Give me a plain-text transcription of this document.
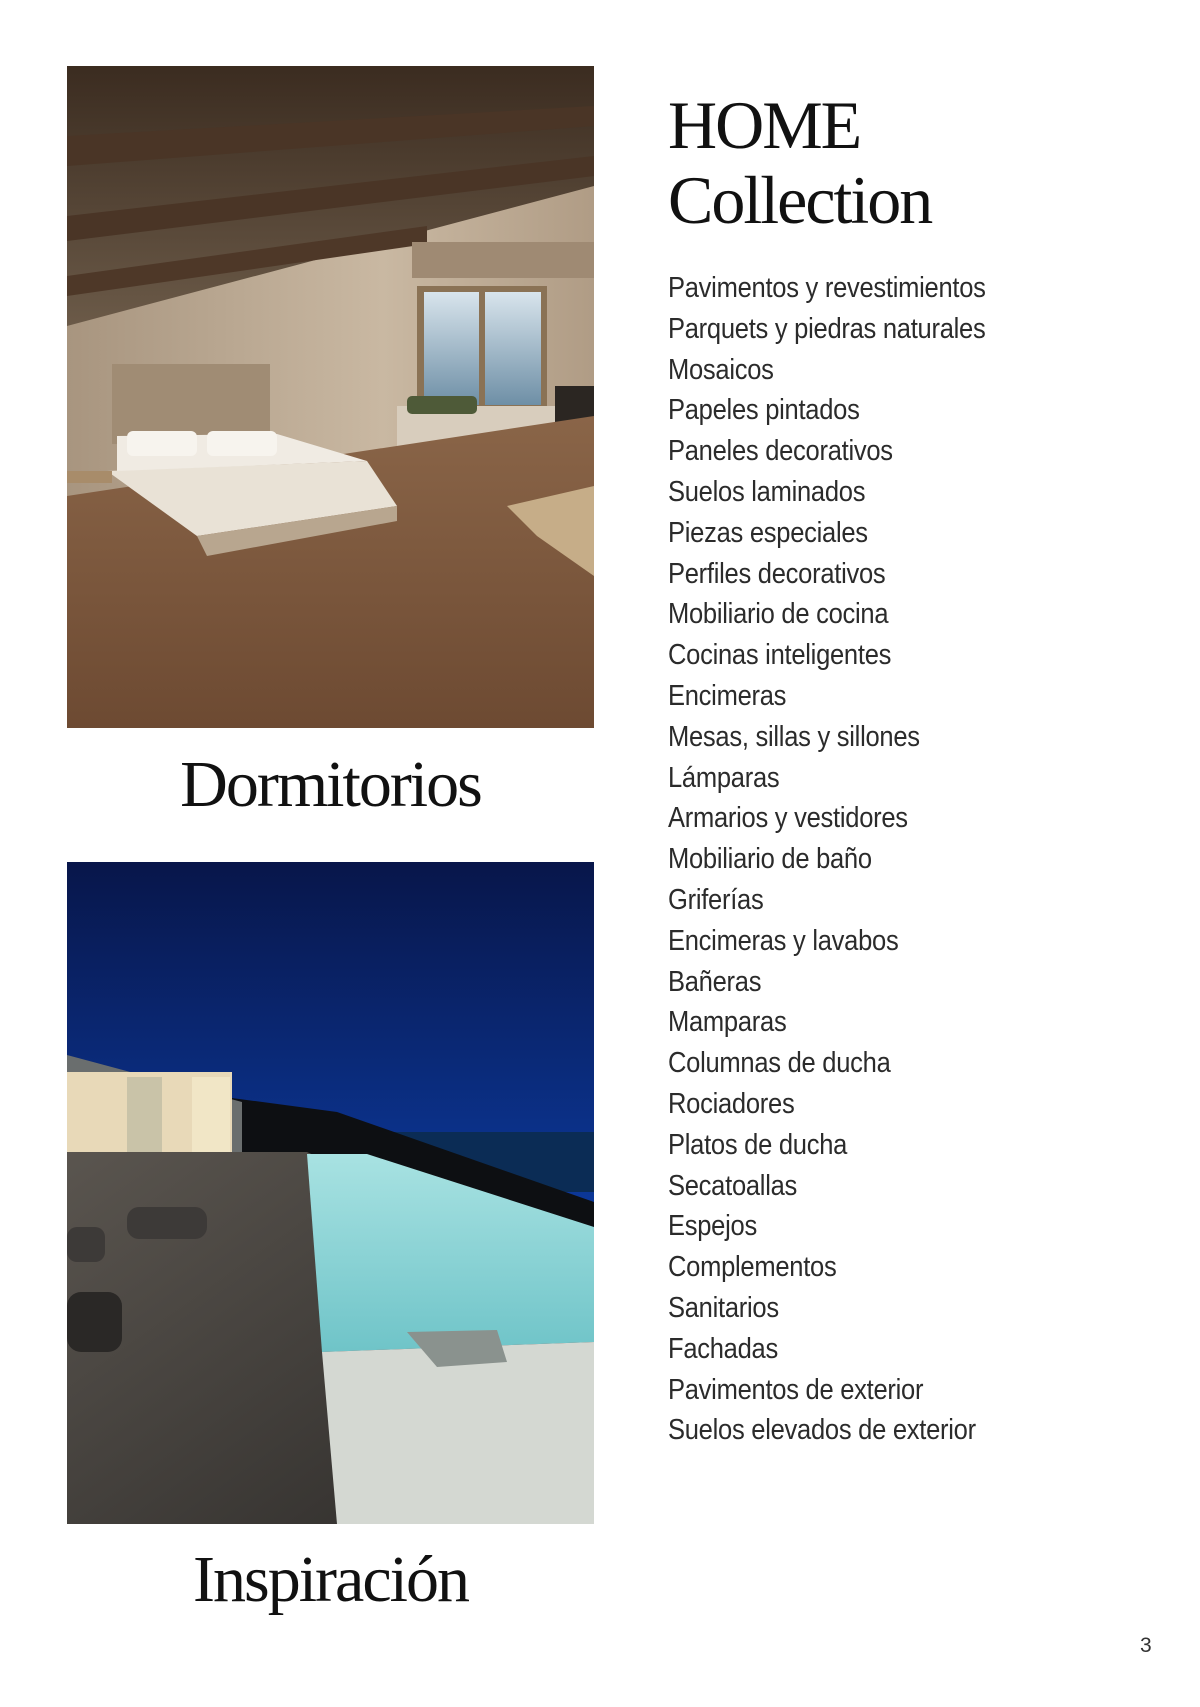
Dormitorios
Inspiración
HOME
Collection
Pavimentos y revestimientos
Parquets y piedras naturales
Mosaicos
Papeles pintados
Paneles decorativos
Suelos laminados
Piezas especiales
Perfiles decorativos
Mobiliario de cocina
Cocinas inteligentes
Encimeras
Mesas, sillas y sillones
Lámparas
Armarios y vestidores
Mobiliario de baño
Griferías
Encimeras y lavabos
Bañeras
Mamparas
Columnas de ducha
Rociadores
Platos de ducha
Secatoallas
Espejos
Complementos
Sanitarios
Fachadas
Pavimentos de exterior
Suelos elevados de exterior
3
